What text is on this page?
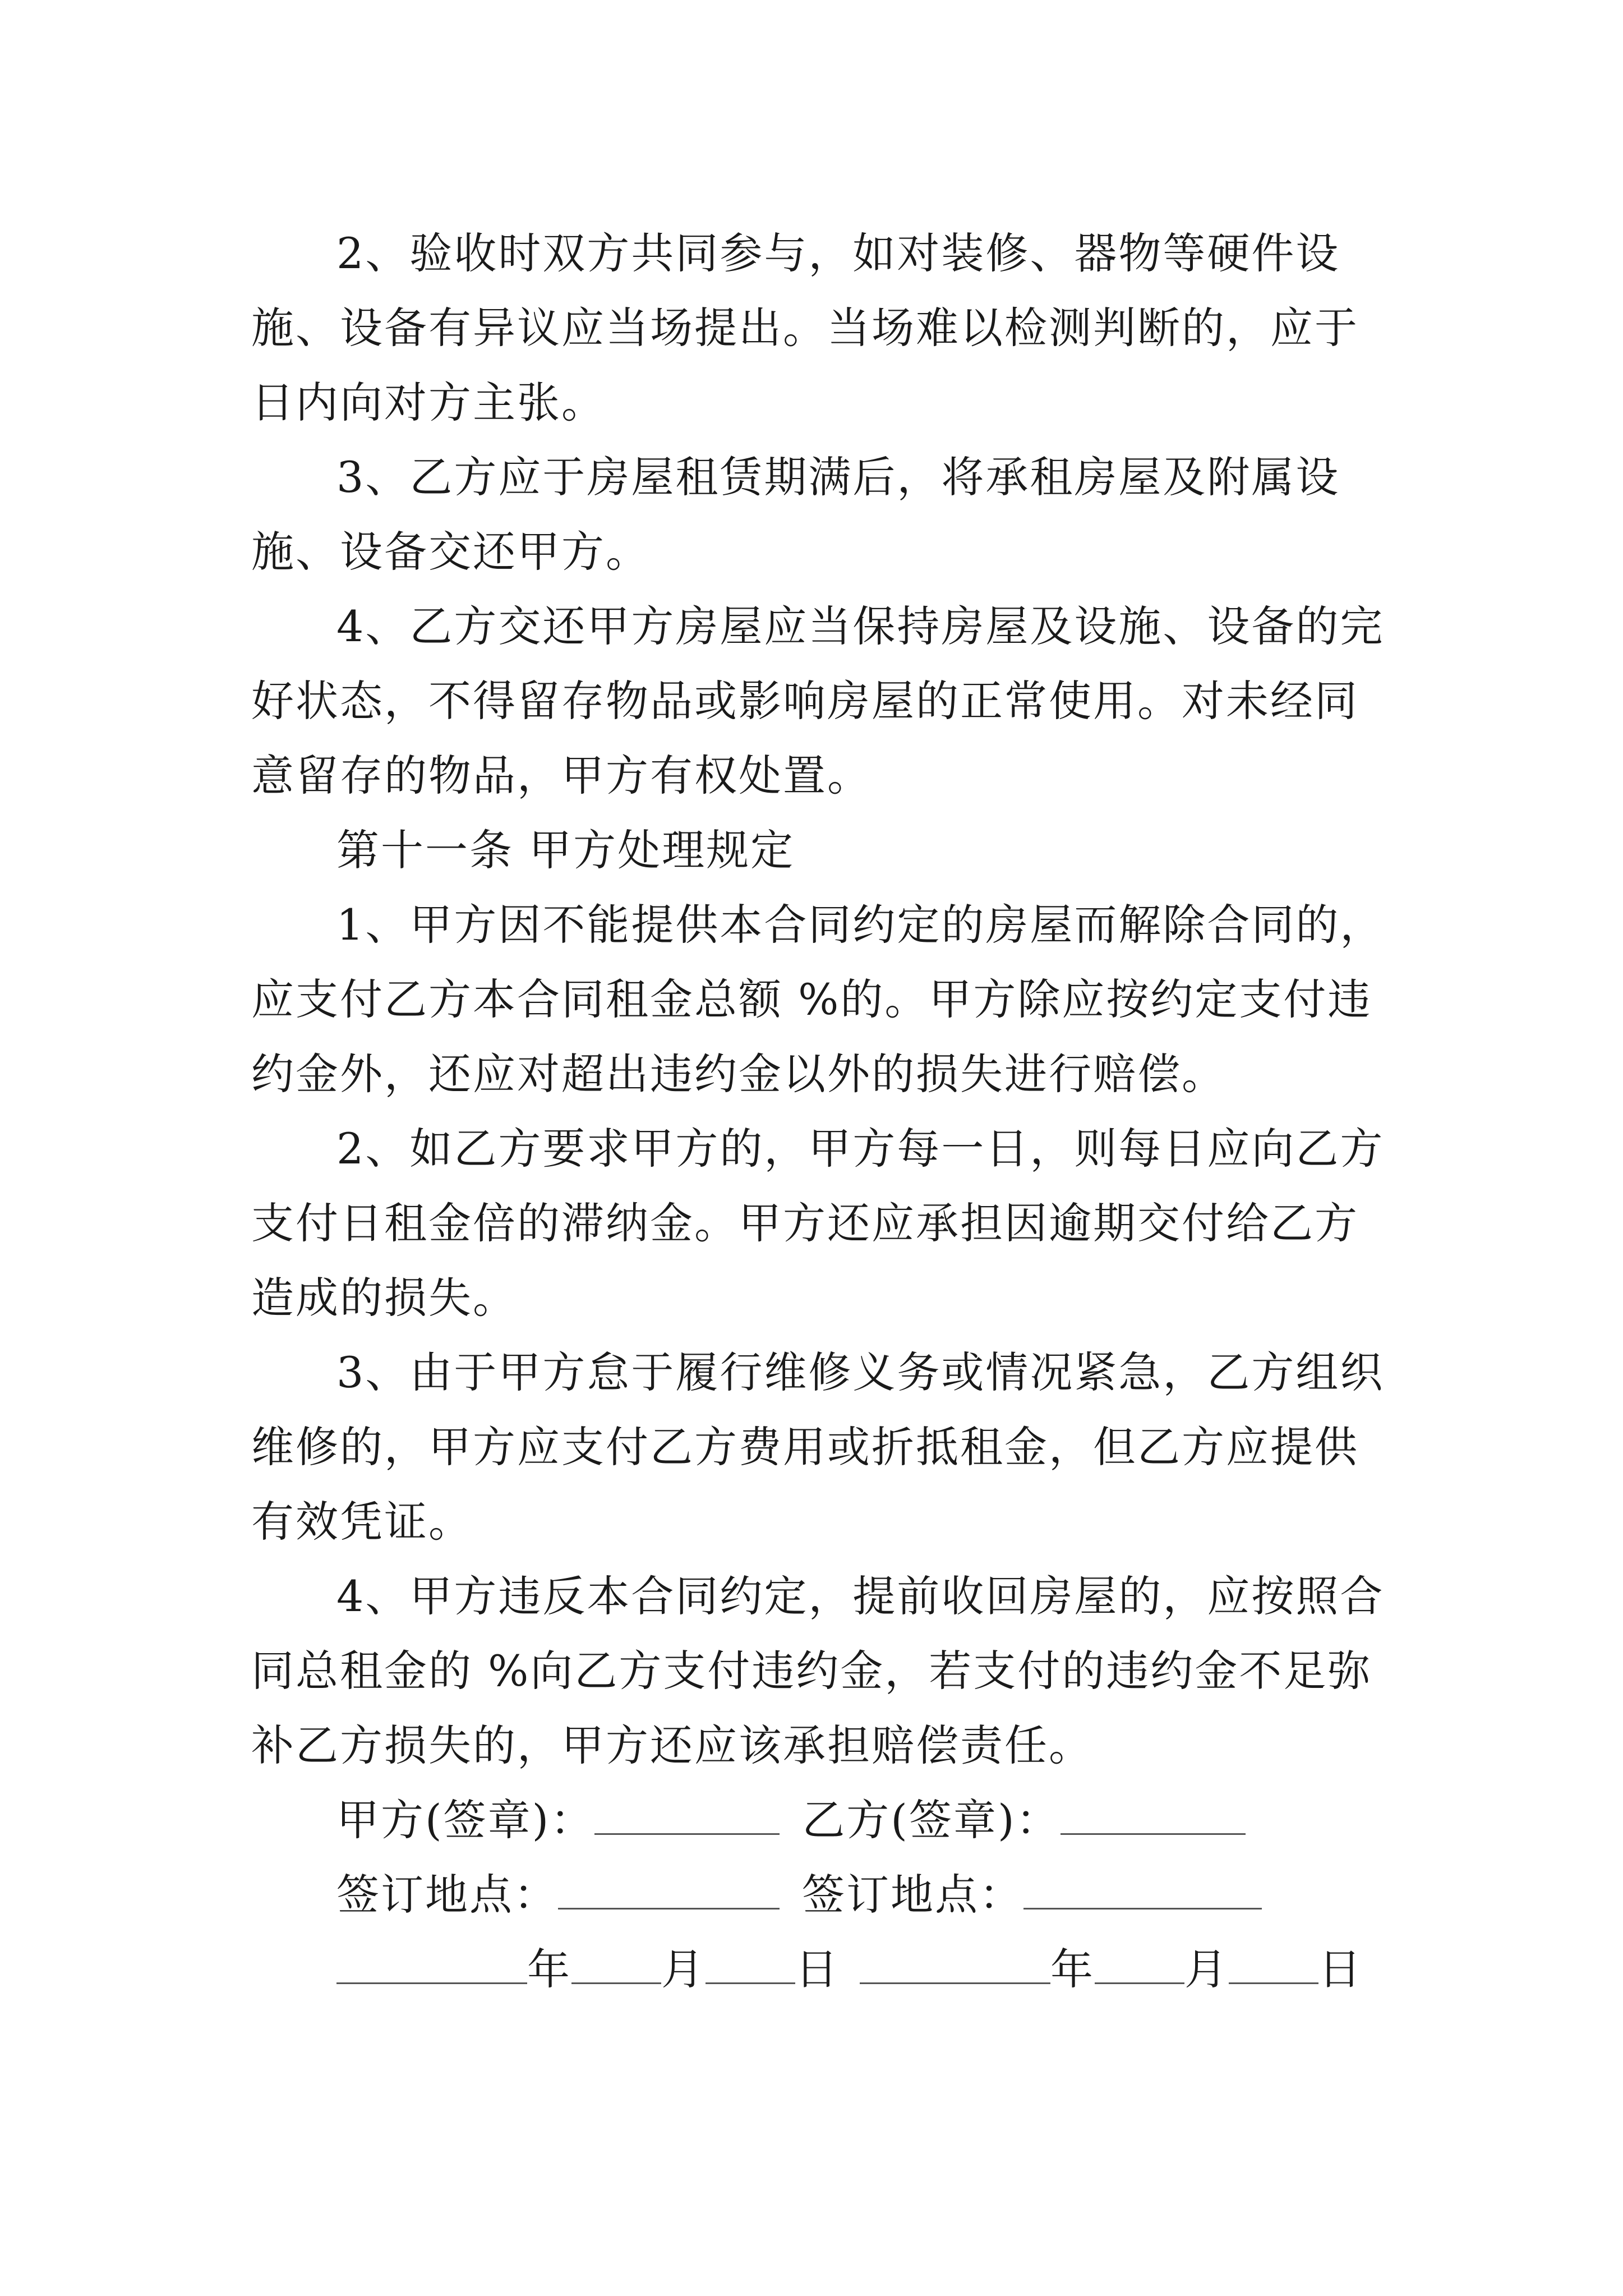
2、验收时双方共同参与，如对装修、器物等硬件设施、设备有异议应当场提出。当场难以检测判断的，应于 日内向对方主张。

3、乙方应于房屋租赁期满后，将承租房屋及附属设施、设备交还甲方。

4、乙方交还甲方房屋应当保持房屋及设施、设备的完好状态，不得留存物品或影响房屋的正常使用。对未经同意留存的物品，甲方有权处置。

第十一条 甲方处理规定

1、甲方因不能提供本合同约定的房屋而解除合同的，应支付乙方本合同租金总额 %的。甲方除应按约定支付违约金外，还应对超出违约金以外的损失进行赔偿。

2、如乙方要求甲方的，甲方每一日，则每日应向乙方支付日租金倍的滞纳金。甲方还应承担因逾期交付给乙方造成的损失。

3、由于甲方怠于履行维修义务或情况紧急，乙方组织维修的，甲方应支付乙方费用或折抵租金，但乙方应提供有效凭证。

4、甲方违反本合同约定，提前收回房屋的，应按照合同总租金的 %向乙方支付违约金，若支付的违约金不足弥补乙方损失的，甲方还应该承担赔偿责任。

甲方(签章)：	乙方(签章)：
签订地点：	签订地点：
年 月 日	年 月 日
